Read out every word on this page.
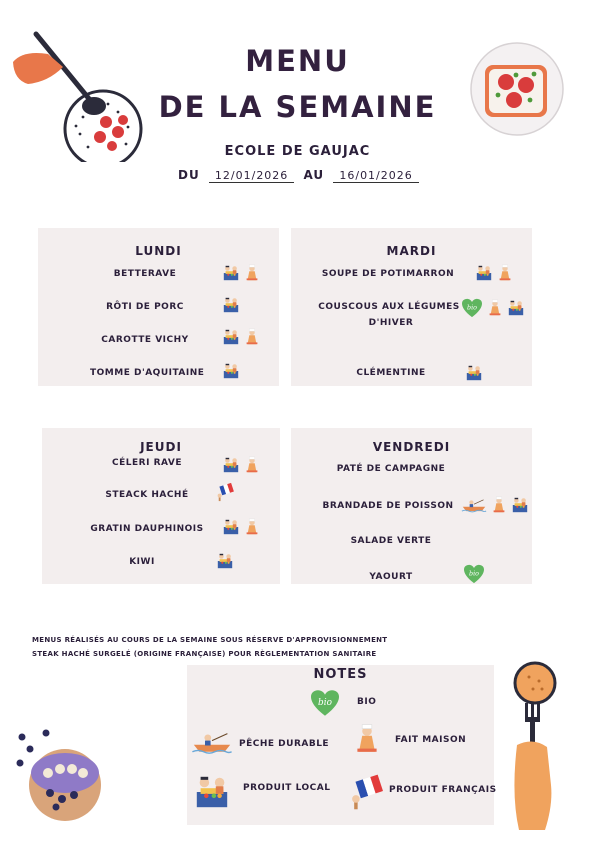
MENU
DE LA SEMAINE
ECOLE DE GAUJAC
DU 12/01/2026 AU 16/01/2026
LUNDI
BETTERAVE
RÔTI DE PORC
CAROTTE VICHY
TOMME D'AQUITAINE
MARDI
SOUPE DE POTIMARRON
COUSCOUS AUX LÉGUMES
D'HIVER
CLÉMENTINE
JEUDI
CÉLERI RAVE
STEACK HACHÉ
GRATIN DAUPHINOIS
KIWI
VENDREDI
PATÉ DE CAMPAGNE
BRANDADE DE POISSON
SALADE VERTE
YAOURT
MENUS RÉALISÉS AU COURS DE LA SEMAINE SOUS RÉSERVE D'APPROVISIONNEMENT
STEAK HACHÉ SURGELÉ (ORIGINE FRANÇAISE) POUR RÈGLEMENTATION SANITAIRE
NOTES
BIO
PÊCHE DURABLE	FAIT MAISON
PRODUIT LOCAL	PRODUIT FRANÇAIS
